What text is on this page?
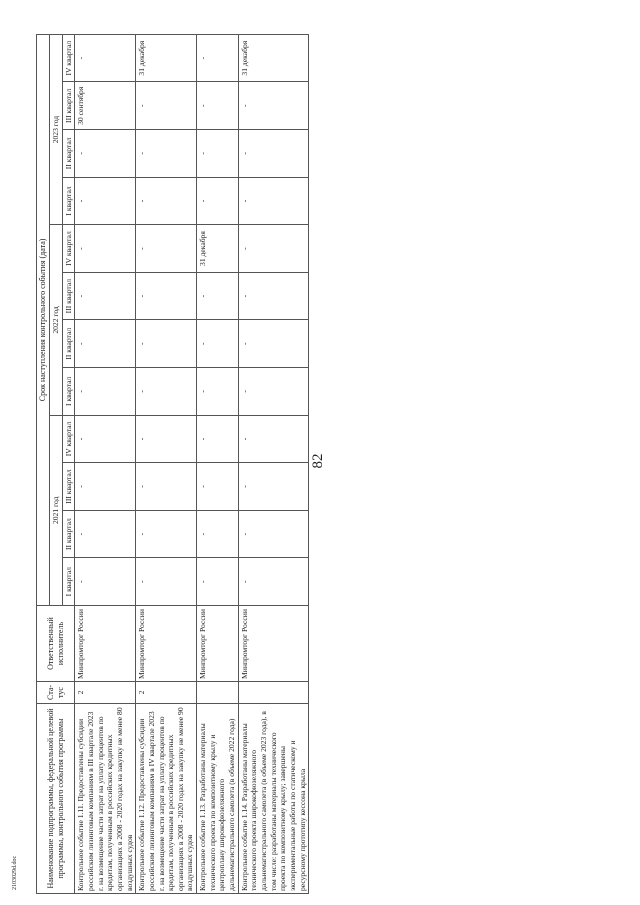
82
2103029d.doc	Наименование подпрограммы, федеральной целевой программы, контрольного события программы	Ста-тус	Ответственный исполнитель	Срок наступления контрольного события (дата)											
			2021 год				2022 год				2023 год			
			I квартал	II квартал	III квартал	IV квартал	I квартал	II квартал	III квартал	IV квартал	I квартал	II квартал	III квартал	IV квартал
Контрольное событие 1.11. Предоставлены субсидии российским лизинговым компаниям в III квартале 2023 г. на возмещение части затрат на уплату процентов по кредитам, полученным в российских кредитных организациях в 2008 - 2020 годах на закупку не менее 80 воздушных судов	2	Минпромторг России	-	-	-	-	-	-	-	-	-	-	30 сентября	-
Контрольное событие 1.12. Предоставлены субсидии российским лизинговым компаниям в IV квартале 2023 г. на возмещение части затрат на уплату процентов по кредитам, полученным в российских кредитных организациях в 2008 - 2020 годах на закупку не менее 90 воздушных судов	2	Минпромторг России	-	-	-	-	-	-	-	-	-	-	-	31 декабря
Контрольное событие 1.13. Разработаны материалы технического проекта по композитному крылу и центроплану широкофюзеляжного дальнемагистрального самолета (в объеме 2022 года)		Минпромторг России	-	-	-	-	-	-	-	31 декабря	-	-	-	-
Контрольное событие 1.14. Разработаны материалы технического проекта широкофюзеляжного дальнемагистрального самолета (в объеме 2023 года), в том числе: разработаны материалы технического проекта по композитному крылу; завершены экспериментальные работы по статическому и ресурсному прототипу кессона крыла		Минпромторг России	-	-	-	-	-	-	-	-	-	-	-	31 декабря
